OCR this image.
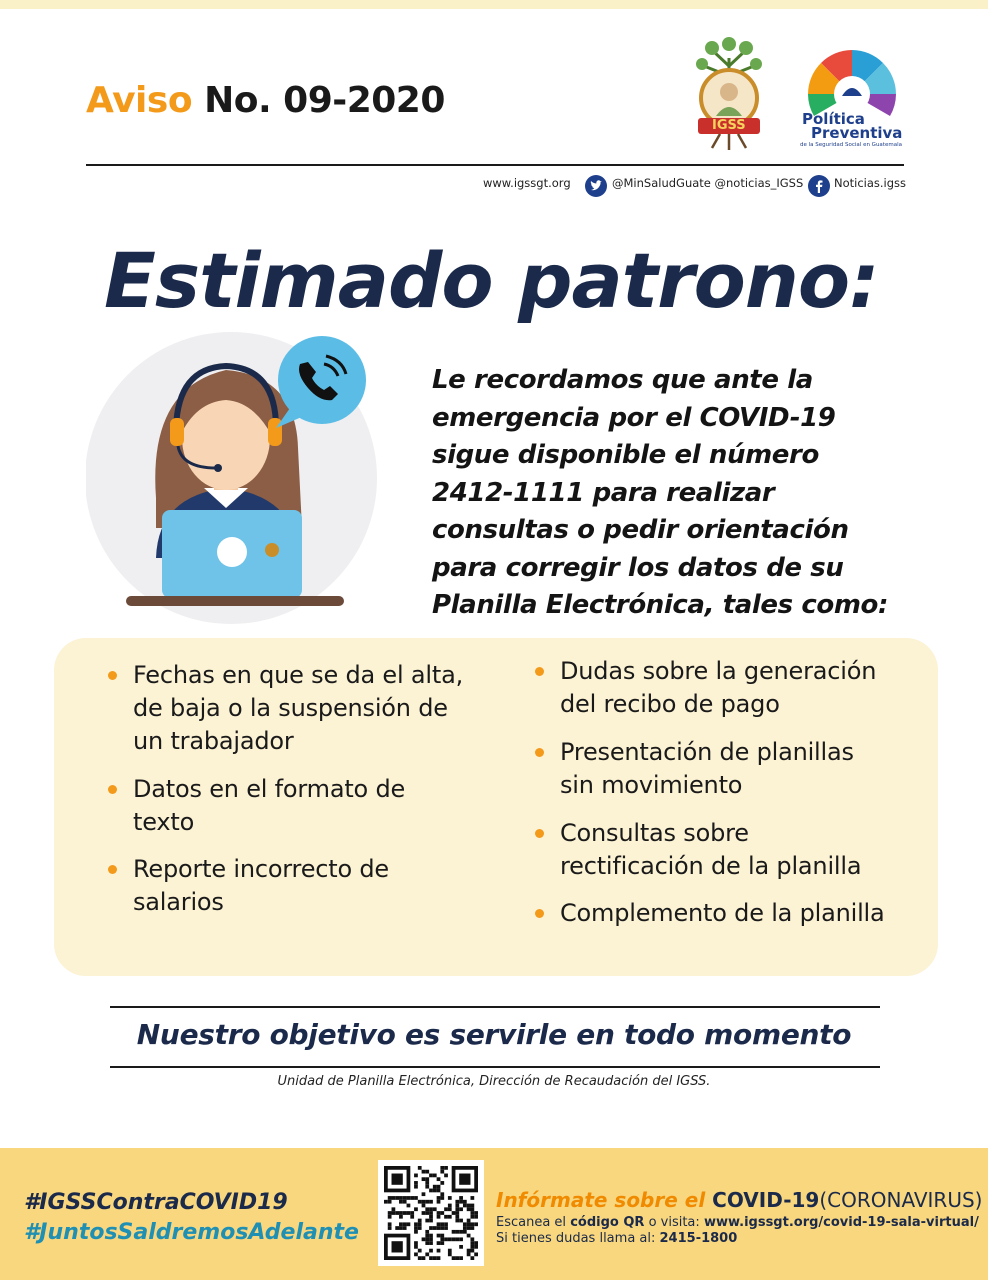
Aviso No. 09-2020
IGSS	Política
Preventiva
de la Seguridad Social en Guatemala
www.igssgt.org	@MinSaludGuate @noticias_IGSS	Noticias.igss
Estimado patrono:
Le recordamos que ante la
emergencia por el COVID-19
sigue disponible el número
2412-1111 para realizar
consultas o pedir orientación
para corregir los datos de su
Planilla Electrónica, tales como:
Fechas en que se da el alta,
de baja o la suspensión de
un trabajador
Datos en el formato de
texto
Reporte incorrecto de
salarios
Dudas sobre la generación
del recibo de pago
Presentación de planillas
sin movimiento
Consultas sobre
rectificación de la planilla
Complemento de la planilla
Nuestro objetivo es servirle en todo momento
Unidad de Planilla Electrónica, Dirección de Recaudación del IGSS.
#IGSSContraCOVID19
#JuntosSaldremosAdelante
Infórmate sobre el COVID-19(CORONAVIRUS)
Escanea el código QR o visita: www.igssgt.org/covid-19-sala-virtual/
Si tienes dudas llama al: 2415-1800
